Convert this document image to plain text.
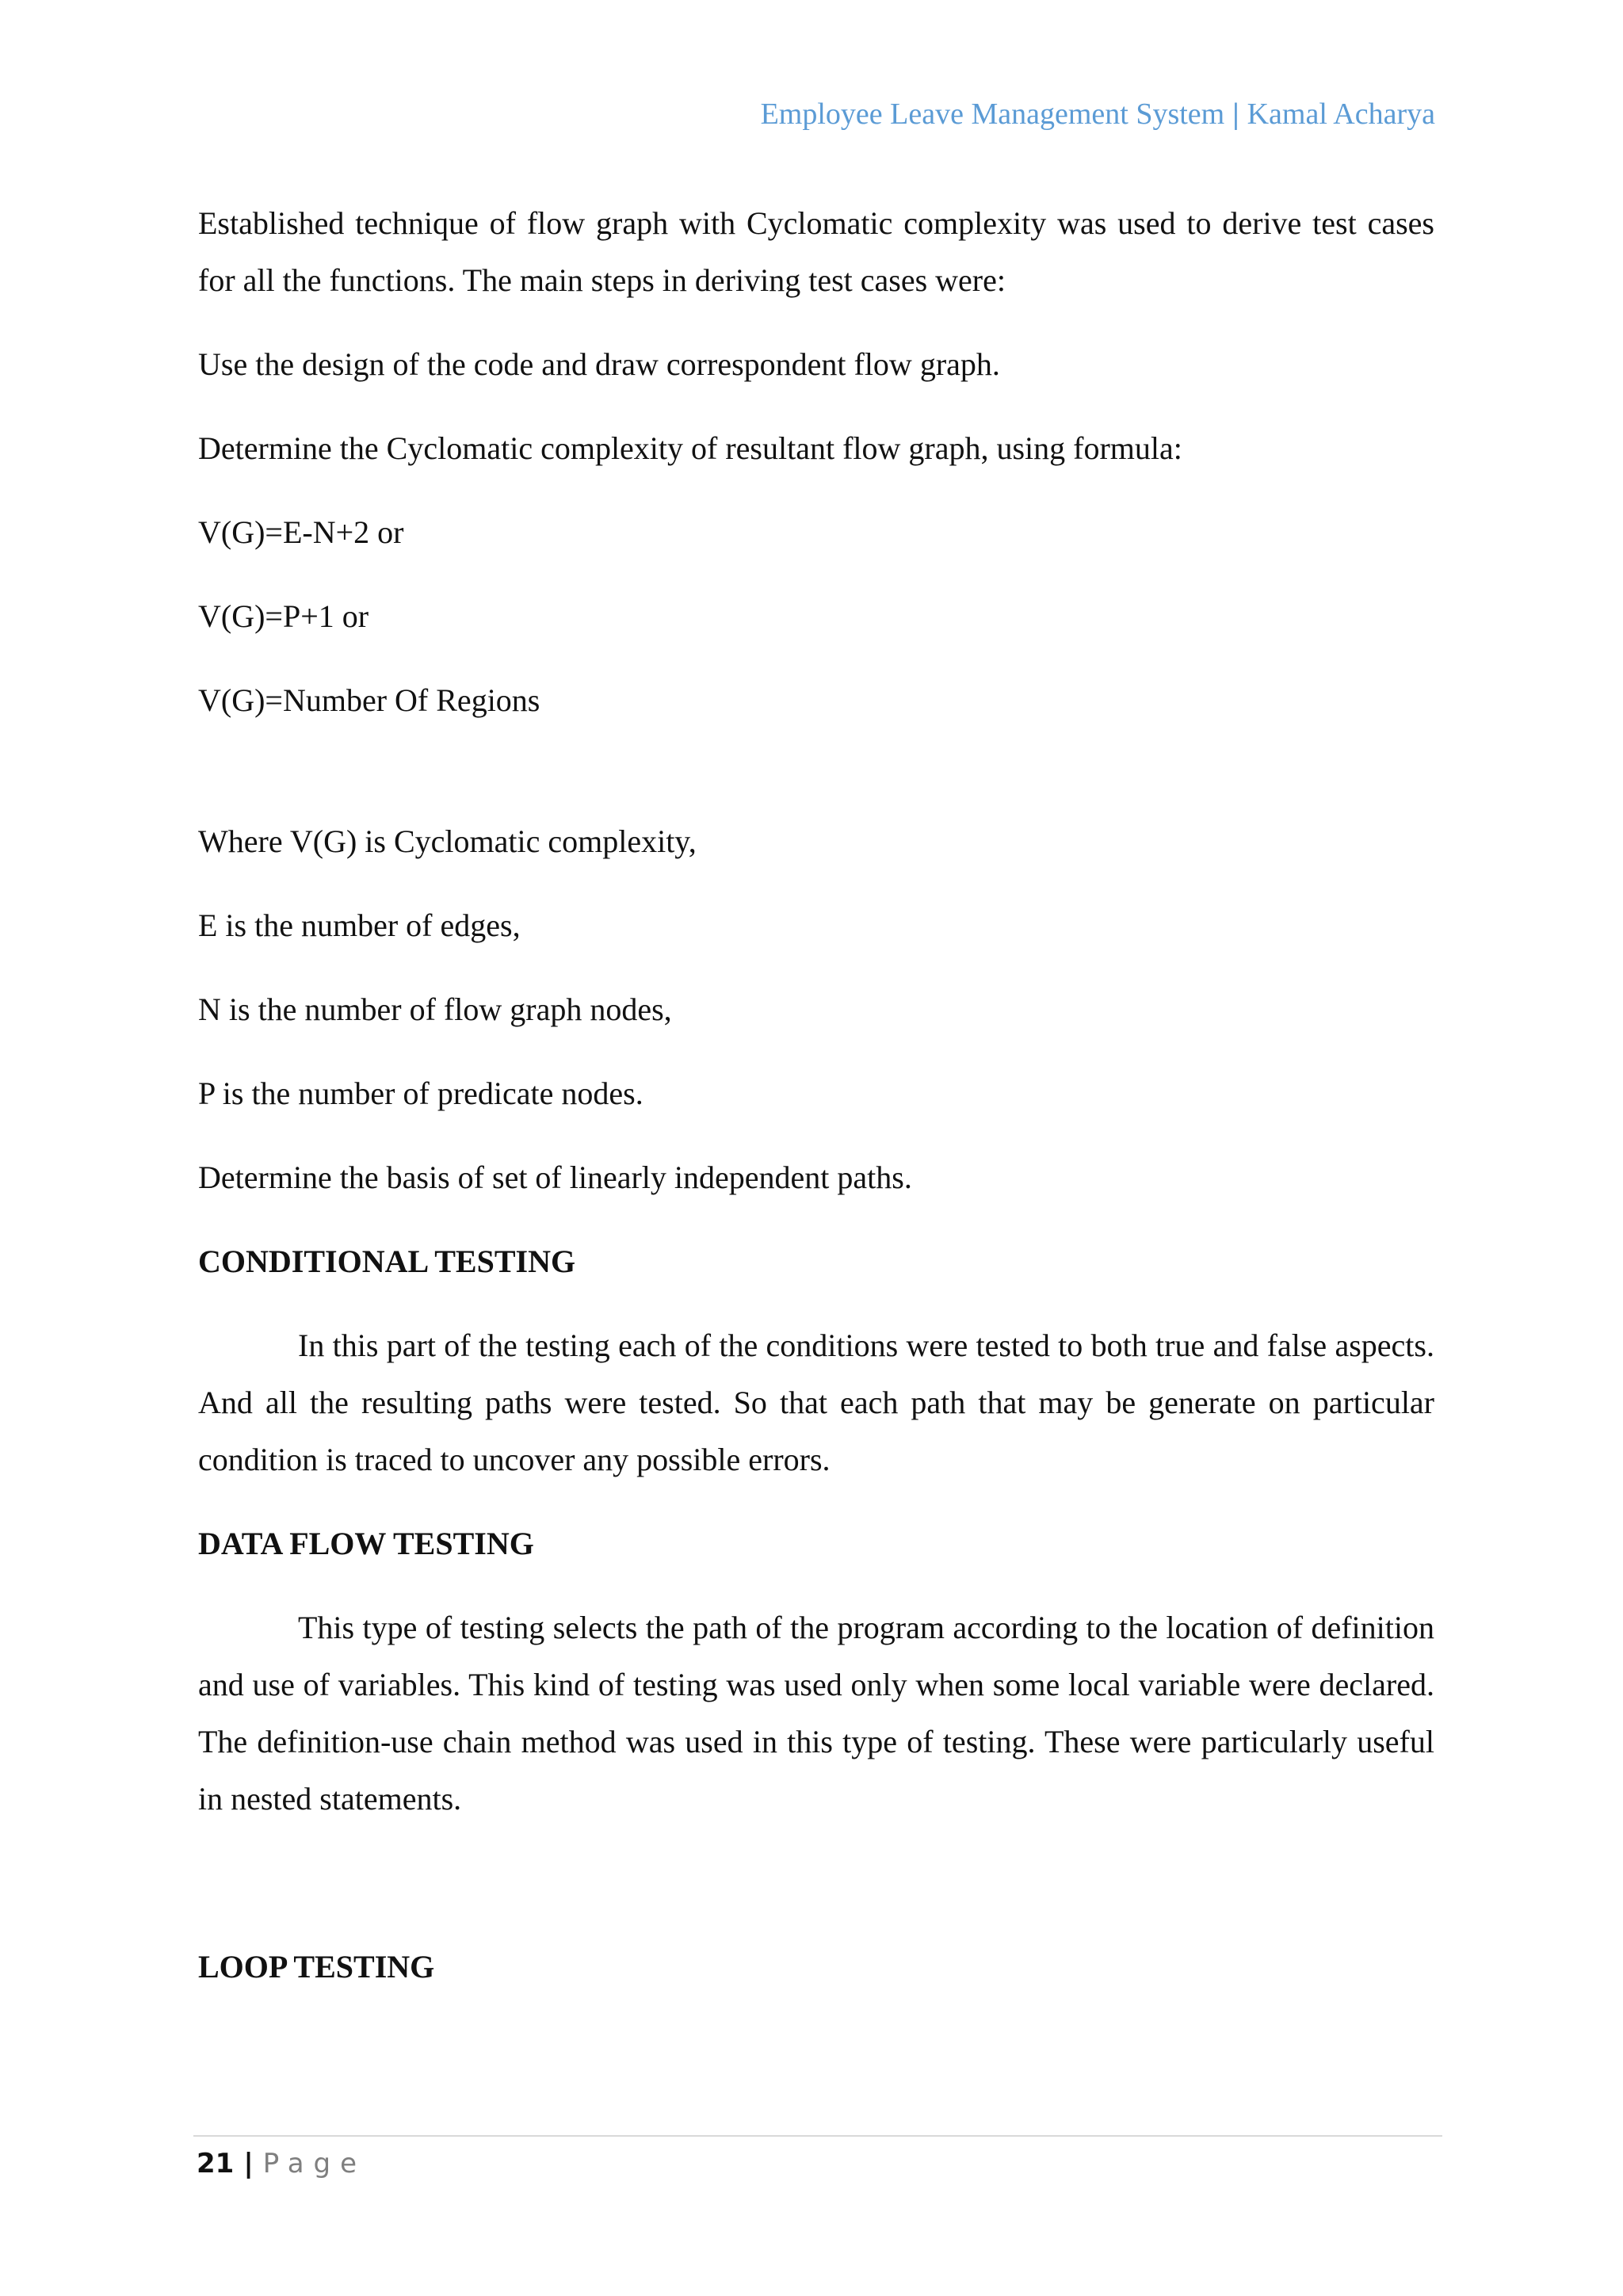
Employee Leave Management System | Kamal Acharya

Established technique of flow graph with Cyclomatic complexity was used to derive test cases for all the functions. The main steps in deriving test cases were:

Use the design of the code and draw correspondent flow graph.

Determine the Cyclomatic complexity of resultant flow graph, using formula:

V(G)=E-N+2 or

V(G)=P+1 or

V(G)=Number Of Regions

Where V(G) is Cyclomatic complexity,

E is the number of edges,

N is the number of flow graph nodes,

P is the number of predicate nodes.

Determine the basis of set of linearly independent paths.

CONDITIONAL TESTING

In this part of the testing each of the conditions were tested to both true and false aspects. And all the resulting paths were tested. So that each path that may be generate on particular condition is traced to uncover any possible errors.

DATA FLOW TESTING

This type of testing selects the path of the program according to the location of definition and use of variables. This kind of testing was used only when some local variable were declared. The definition-use chain method was used in this type of testing. These were particularly useful in nested statements.

LOOP TESTING
21 | Page
